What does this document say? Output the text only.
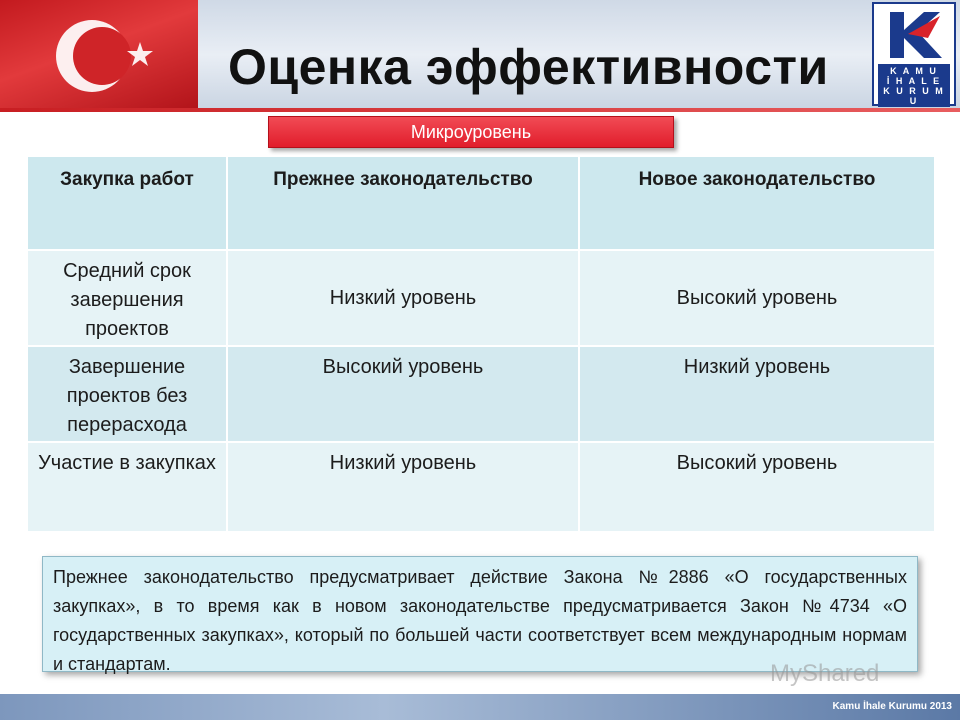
Оценка эффективности	K A M U
İ H A L E
K U R U M U	2002
Микроуровень
Закупка работ	Прежнее законодательство	Новое законодательство
Средний срок завершения проектов	Низкий уровень	Высокий уровень
Завершение проектов без перерасхода	Высокий уровень	Низкий уровень
Участие в закупках	Низкий уровень	Высокий уровень
Прежнее законодательство предусматривает действие Закона №2886 «О государственных закупках», в то время как в новом законодательстве предусматривается Закон №4734 «О государственных закупках», который по большей части соответствует всем международным нормам и стандартам.	MyShared
Kamu İhale Kurumu 2013
